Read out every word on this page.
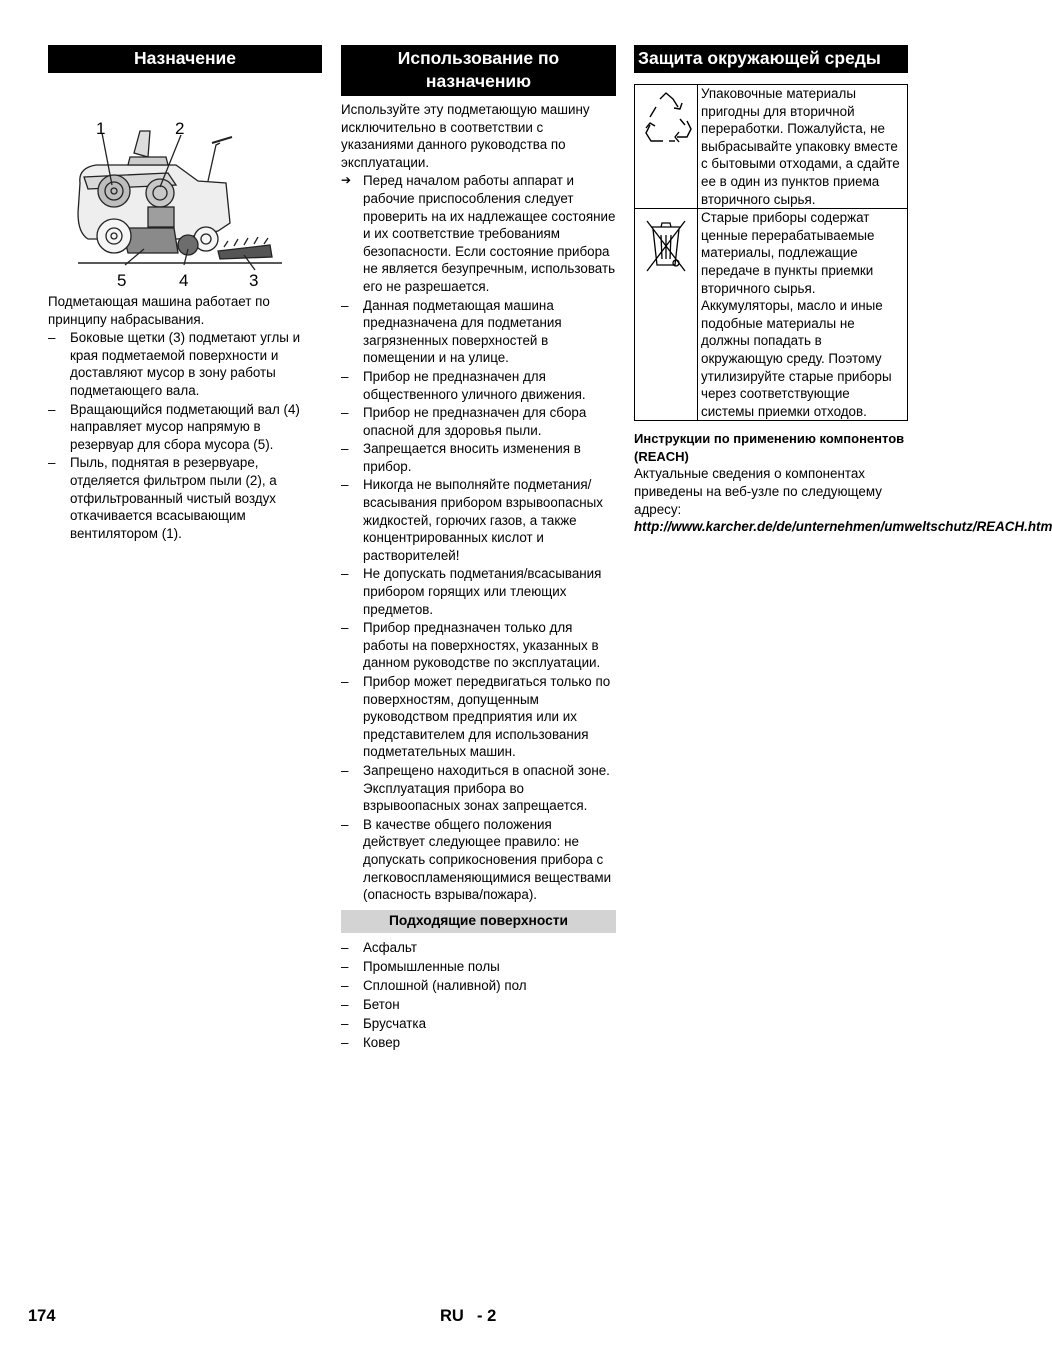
Назначение
1	2
5	4	3

Подметающая машина работает по принципу набрасывания.

– Боковые щетки (3) подметают углы и края подметаемой поверхности и доставляют мусор в зону работы подметающего вала.
– Вращающийся подметающий вал (4) направляет мусор напрямую в резервуар для сбора мусора (5).
– Пыль, поднятая в резервуаре, отделяется фильтром пыли (2), а отфильтрованный чистый воздух откачивается всасывающим вентилятором (1).
Использование по назначению

Используйте эту подметающую машину исключительно в соответствии с указаниями данного руководства по эксплуатации.

➔ Перед началом работы аппарат и рабочие приспособления следует проверить на их надлежащее состояние и их соответствие требованиям безопасности. Если состояние прибора не является безупречным, использовать его не разрешается.
– Данная подметающая машина предназначена для подметания загрязненных поверхностей в помещении и на улице.
– Прибор не предназначен для общественного уличного движения.
– Прибор не предназначен для сбора опасной для здоровья пыли.
– Запрещается вносить изменения в прибор.
– Никогда не выполняйте подметания/всасывания прибором взрывоопасных жидкостей, горючих газов, а также концентрированных кислот и растворителей!
– Не допускать подметания/всасывания прибором горящих или тлеющих предметов.
– Прибор предназначен только для работы на поверхностях, указанных в данном руководстве по эксплуатации.
– Прибор может передвигаться только по поверхностям, допущенным руководством предприятия или их представителем для использования подметательных машин.
– Запрещено находиться в опасной зоне. Эксплуатация прибора во взрывоопасных зонах запрещается.
– В качестве общего положения действует следующее правило: не допускать соприкосновения прибора с легковоспламеняющимися веществами (опасность взрыва/пожара).
Подходящие поверхности
– Асфальт
– Промышленные полы
– Сплошной (наливной) пол
– Бетон
– Брусчатка
– Ковер
Защита окружающей среды
	Упаковочные материалы пригодны для вторичной переработки. Пожалуйста, не выбрасывайте упаковку вместе с бытовыми отходами, а сдайте ее в один из пунктов приема вторичного сырья.
	Старые приборы содержат ценные перерабатываемые материалы, подлежащие передаче в пункты приемки вторичного сырья. Аккумуляторы, масло и иные подобные материалы не должны попадать в окружающую среду. Поэтому утилизируйте старые приборы через соответствующие системы приемки отходов.

Инструкции по применению компонентов (REACH)

Актуальные сведения о компонентах приведены на веб-узле по следующему адресу:

http://www.karcher.de/de/unternehmen/umweltschutz/REACH.htm

174	RU - 2
